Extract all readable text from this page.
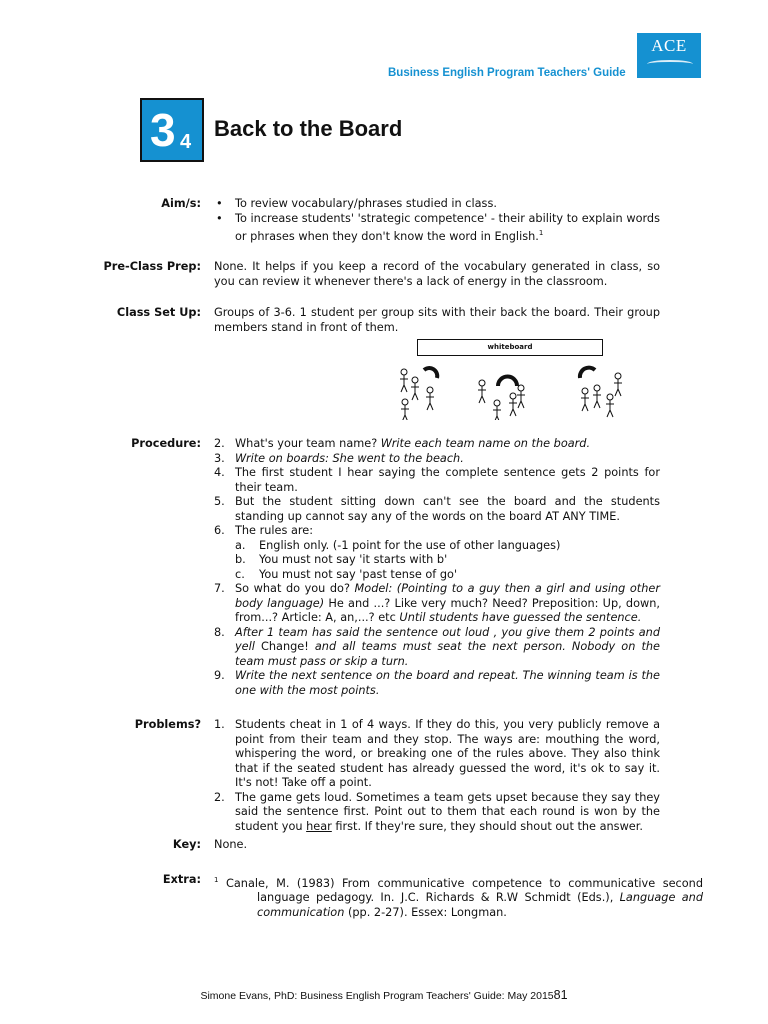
ACE
Business English Program Teachers' Guide
3 4
Back to the Board
Aim/s:
•	To review vocabulary/phrases studied in class.
• To increase students' 'strategic competence' - their ability to explain words or phrases when they don't know the word in English.$^1$
Pre-Class Prep: None. It helps if you keep a record of the vocabulary generated in class, so you can review it whenever there's a lack of energy in the classroom.
Class Set Up: Groups of 3-6. 1 student per group sits with their back the board. Their group members stand in front of them.
whiteboard
Procedure: 2. What's your team name? Write each team name on the board.
3. Write on boards: She went to the beach.
4. The first student I hear saying the complete sentence gets 2 points for their team.
5. But the student sitting down can't see the board and the students standing up cannot say any of the words on the board AT ANY TIME.
6. The rules are:
a.	English only. (-1 point for the use of other languages)
b.	You must not say 'it starts with b'
c.	You must not say 'past tense of go'
7. So what do you do? Model: (Pointing to a guy then a girl and using other body language) He and ...? Like very much? Need? Preposition: Up, down, from...? Article: A, an,...? etc Until students have guessed the sentence.
8. After 1 team has said the sentence out loud , you give them 2 points and yell Change! and all teams must seat the next person. Nobody on the team must pass or skip a turn.
9. Write the next sentence on the board and repeat. The winning team is the one with the most points.
Problems? 1. Students cheat in 1 of 4 ways. If they do this, you very publicly remove a point from their team and they stop. The ways are: mouthing the word, whispering the word, or breaking one of the rules above. They also think that if the seated student has already guessed the word, it's ok to say it. It's not! Take off a point.
2. The game gets loud. Sometimes a team gets upset because they say they said the sentence first. Point out to them that each round is won by the student you hear first. If they're sure, they should shout out the answer.
Key: None.
Extra: $^1$ Canale, M. (1983) From communicative competence to communicative second language pedagogy. In. J.C. Richards & R.W Schmidt (Eds.), Language and communication (pp. 2-27). Essex: Longman.
Simone Evans, PhD: Business English Program Teachers' Guide: May 201581
